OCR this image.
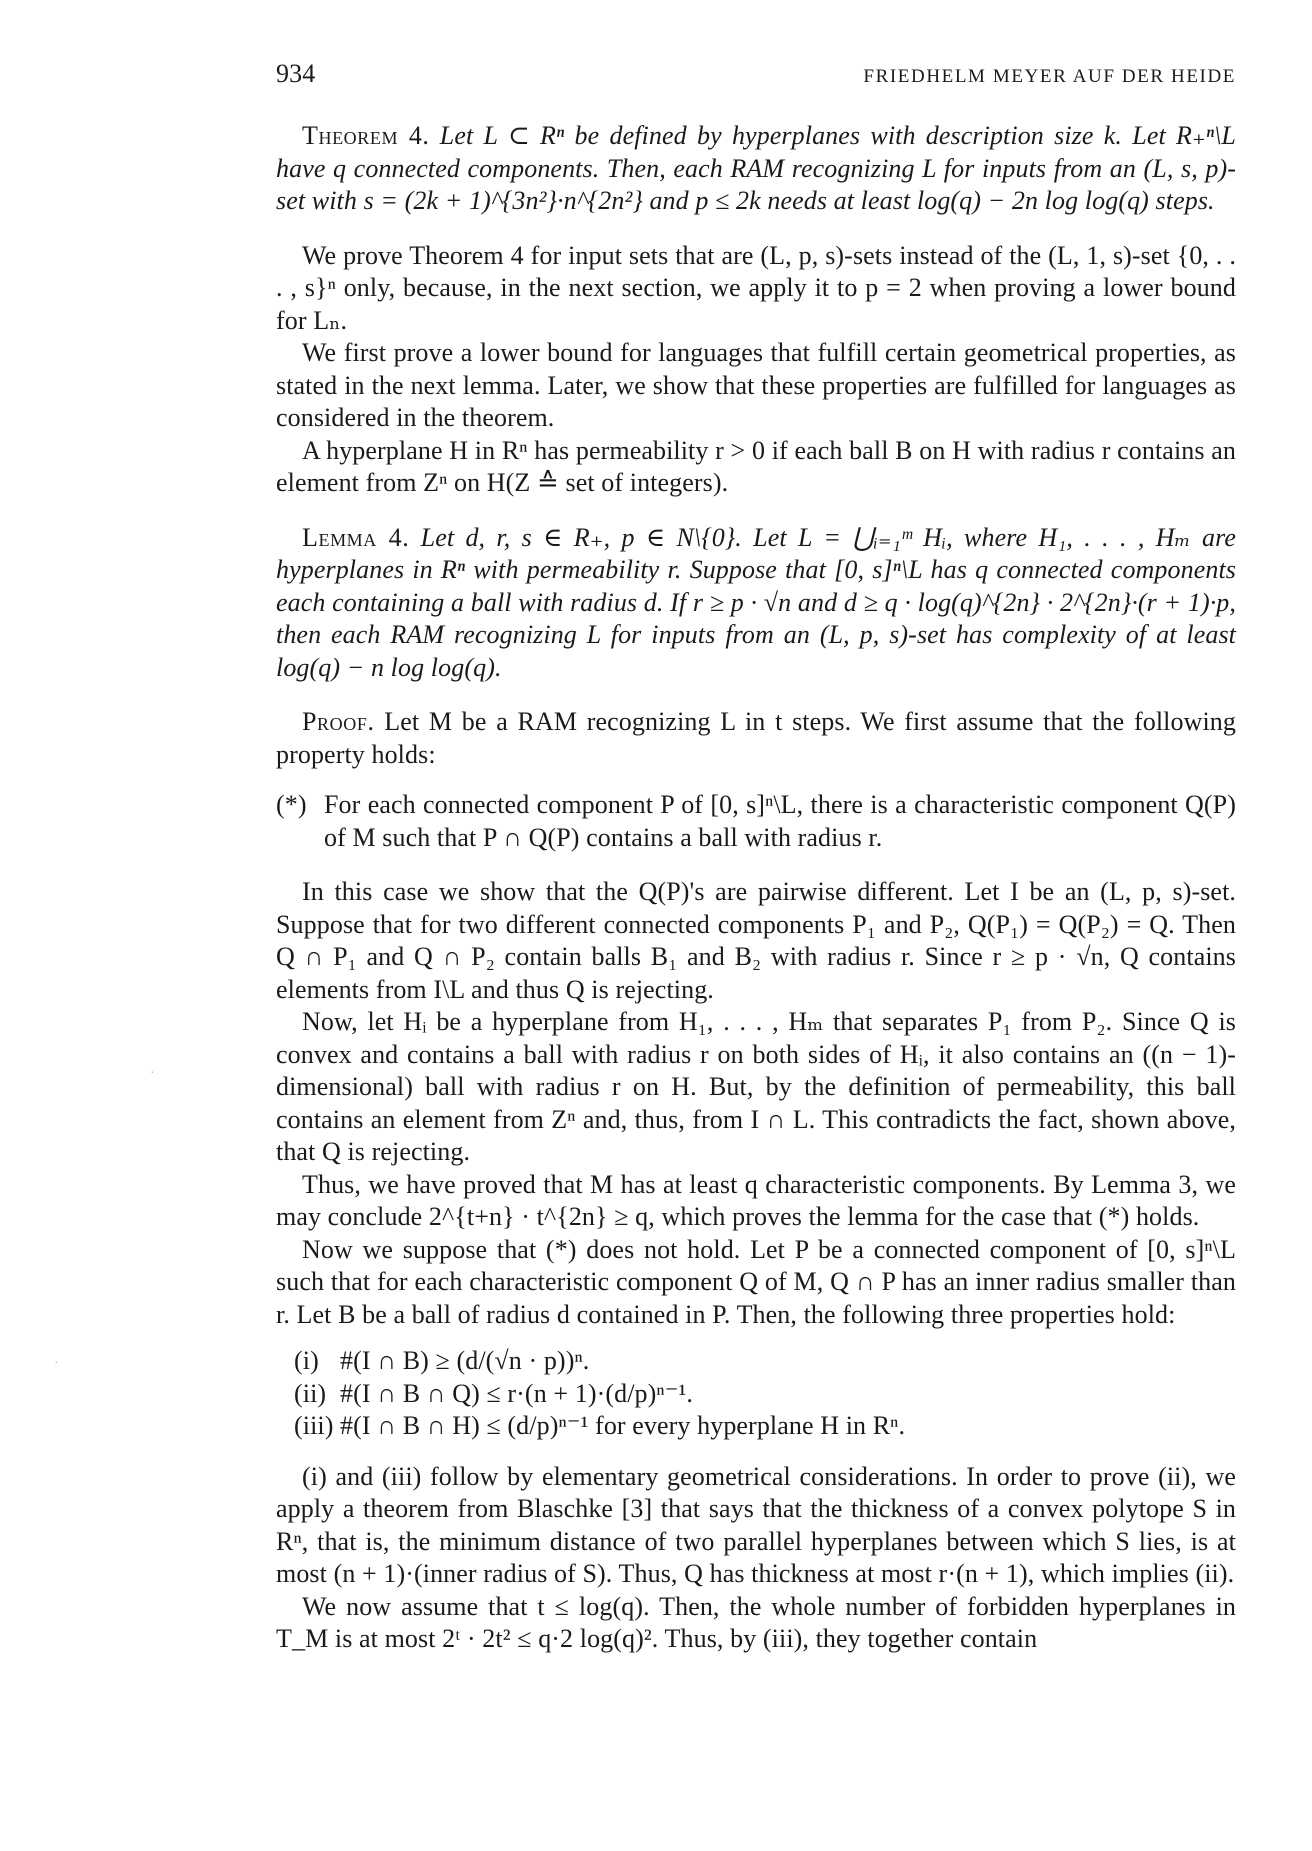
934	FRIEDHELM MEYER AUF DER HEIDE

Theorem 4. Let L ⊂ Rⁿ be defined by hyperplanes with description size k. Let R₊ⁿ\L have q connected components. Then, each RAM recognizing L for inputs from an (L, s, p)-set with s = (2k + 1)^{3n²}·n^{2n²} and p ≤ 2k needs at least log(q) − 2n log log(q) steps.

We prove Theorem 4 for input sets that are (L, p, s)-sets instead of the (L, 1, s)-set {0, . . . , s}ⁿ only, because, in the next section, we apply it to p = 2 when proving a lower bound for Lₙ.

We first prove a lower bound for languages that fulfill certain geometrical properties, as stated in the next lemma. Later, we show that these properties are fulfilled for languages as considered in the theorem.

A hyperplane H in Rⁿ has permeability r > 0 if each ball B on H with radius r contains an element from Zⁿ on H(Z ≙ set of integers).

Lemma 4. Let d, r, s ∈ R₊, p ∈ N\{0}. Let L = ⋃ᵢ₌₁ᵐ Hᵢ, where H₁, . . . , Hₘ are hyperplanes in Rⁿ with permeability r. Suppose that [0, s]ⁿ\L has q connected components each containing a ball with radius d. If r ≥ p · √n and d ≥ q · log(q)^{2n} · 2^{2n}·(r + 1)·p, then each RAM recognizing L for inputs from an (L, p, s)-set has complexity of at least log(q) − n log log(q).

Proof. Let M be a RAM recognizing L in t steps. We first assume that the following property holds:

(*) For each connected component P of [0, s]ⁿ\L, there is a characteristic component Q(P) of M such that P ∩ Q(P) contains a ball with radius r.

In this case we show that the Q(P)'s are pairwise different. Let I be an (L, p, s)-set. Suppose that for two different connected components P₁ and P₂, Q(P₁) = Q(P₂) = Q. Then Q ∩ P₁ and Q ∩ P₂ contain balls B₁ and B₂ with radius r. Since r ≥ p · √n, Q contains elements from I\L and thus Q is rejecting.

Now, let Hᵢ be a hyperplane from H₁, . . . , Hₘ that separates P₁ from P₂. Since Q is convex and contains a ball with radius r on both sides of Hᵢ, it also contains an ((n − 1)-dimensional) ball with radius r on H. But, by the definition of permeability, this ball contains an element from Zⁿ and, thus, from I ∩ L. This contradicts the fact, shown above, that Q is rejecting.

Thus, we have proved that M has at least q characteristic components. By Lemma 3, we may conclude 2^{t+n} · t^{2n} ≥ q, which proves the lemma for the case that (*) holds.

Now we suppose that (*) does not hold. Let P be a connected component of [0, s]ⁿ\L such that for each characteristic component Q of M, Q ∩ P has an inner radius smaller than r. Let B be a ball of radius d contained in P. Then, the following three properties hold:

(i) #(I ∩ B) ≥ (d/(√n · p))ⁿ.
(ii) #(I ∩ B ∩ Q) ≤ r·(n + 1)·(d/p)ⁿ⁻¹.
(iii) #(I ∩ B ∩ H) ≤ (d/p)ⁿ⁻¹ for every hyperplane H in Rⁿ.

(i) and (iii) follow by elementary geometrical considerations. In order to prove (ii), we apply a theorem from Blaschke [3] that says that the thickness of a convex polytope S in Rⁿ, that is, the minimum distance of two parallel hyperplanes between which S lies, is at most (n + 1)·(inner radius of S). Thus, Q has thickness at most r·(n + 1), which implies (ii).

We now assume that t ≤ log(q). Then, the whole number of forbidden hyperplanes in T_M is at most 2ᵗ · 2t² ≤ q·2 log(q)². Thus, by (iii), they together contain

·
·
